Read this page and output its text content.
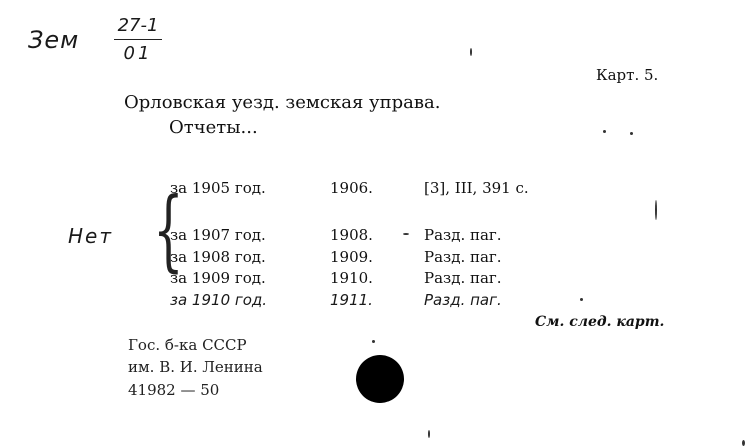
Зем
27-1
01
Карт. 5.
Орловская уезд. земская управа.
Отчеты...
Нет {
за 1905 год.	1906.	[3], III, 391 с.
за 1907 год.	1908.	Разд. паг.
за 1908 год.	1909.	Разд. паг.
за 1909 год.	1910.	Разд. паг.
за 1910 год.	1911.	Разд. паг.
См. след. карт.
Гос. б-ка СССР
им. В. И. Ленина
41982 — 50
